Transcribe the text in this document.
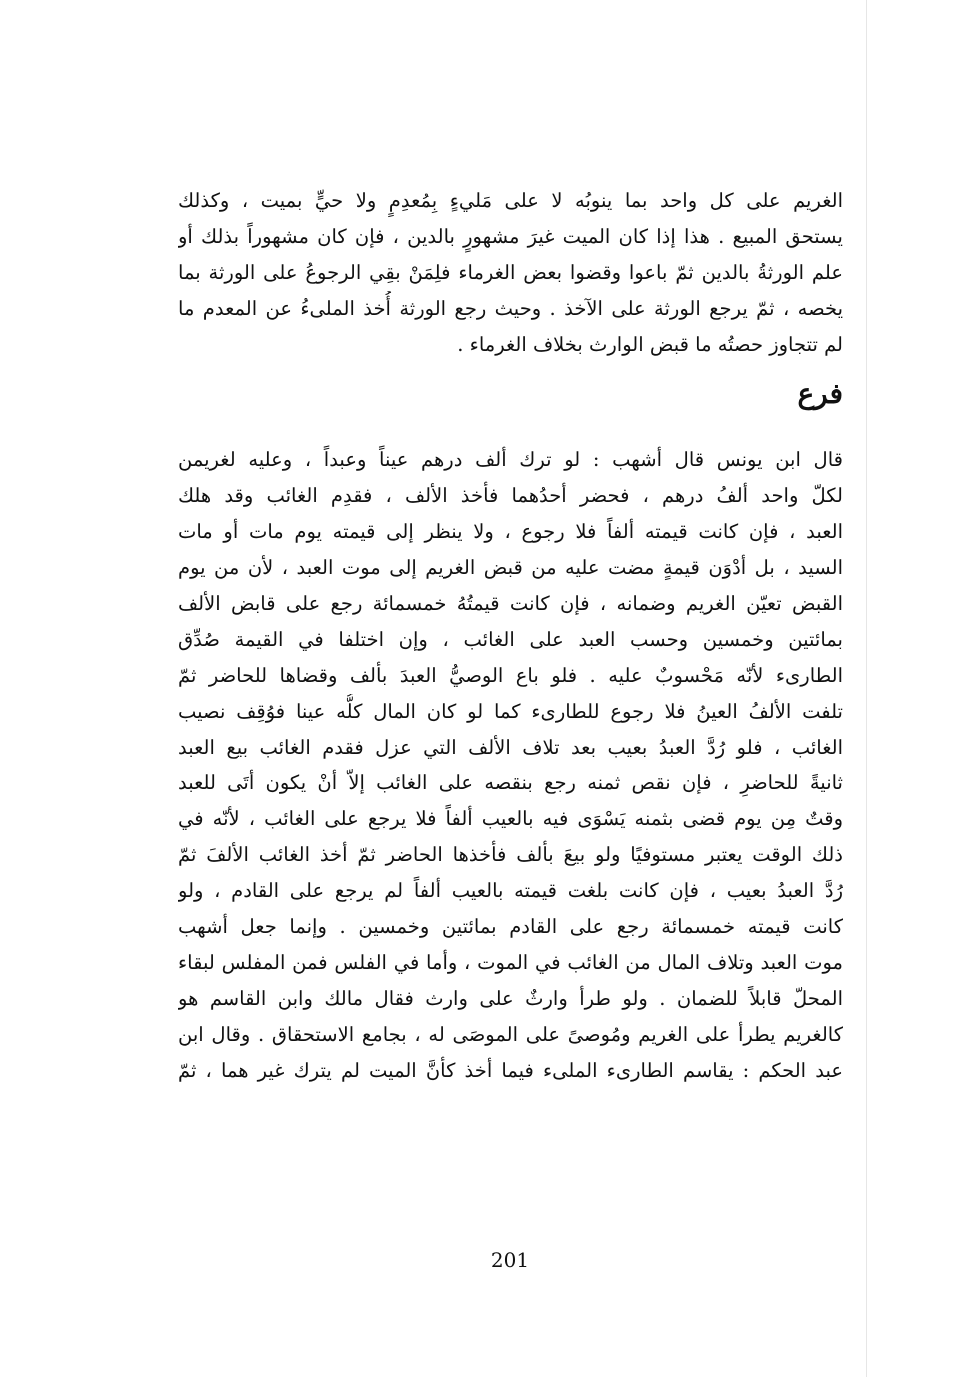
الغريم على كل واحد بما ينوبُه لا على مَليءٍ بِمُعدِمٍ ولا حيٍّ بميت ، وكذلك
يستحق المبيع . هذا إذا كان الميت غيرَ مشهورٍ بالدين ، فإن كان مشهوراً بذلك أو
علم الورثةُ بالدين ثمّ باعوا وقضوا بعض الغرماء فلِمَنْ بقِي الرجوعُ على الورثة بما
يخصه ، ثمّ يرجع الورثة على الآخذ . وحيث رجع الورثة أُخذ الملىءُ عن المعدم ما
لم تتجاوز حصتُه ما قبض الوارث بخلاف الغرماء .
فرع
قال ابن يونس قال أشهب : لو ترك ألف درهم عيناً وعبداً ، وعليه لغريمن
لكلّ واحد ألفُ درهم ، فحضر أحدُهما فأخذ الألف ، فقدِم الغائب وقد هلك
العبد ، فإن كانت قيمته ألفاً فلا رجوع ، ولا ينظر إلى قيمته يوم مات أو مات
السيد ، بل أدْوَن قيمةٍ مضت عليه من قبض الغريم إلى موت العبد ، لأن من يوم
القبض تعيّن الغريم وضمانه ، فإن كانت قيمتُهُ خمسمائة رجع على قابض الألف
بمائتين وخمسين وحسب العبد على الغائب ، وإن اختلفا في القيمة صُدِّق
الطارىء لأنّه مَحْسوبٌ عليه . فلو باع الوصيُّ العبدَ بألف وقضاها للحاضر ثمّ
تلفت الألفُ العينُ فلا رجوع للطارىء كما لو كان المال كلُّه عينا فوُقِف نصيب
الغائب ، فلو رُدَّ العبدُ بعيب بعد تلاف الألف التي عزل فقدم الغائب بيع العبد
ثانيةً للحاضرِ ، فإن نقص ثمنه رجع بنقصه على الغائب إلاّ أنْ يكون أتَى للعبد
وقتٌ مِن يوم قضى بثمنه يَسْوَى فيه بالعيب ألفاً فلا يرجع على الغائب ، لأنّه في
ذلك الوقت يعتبر مستوفيًا ولو بيعَ بألف فأخذها الحاضر ثمّ أخذ الغائب الألفَ ثمّ
رُدَّ العبدُ بعيب ، فإن كانت بلغت قيمته بالعيب ألفاً لم يرجع على القادم ، ولو
كانت قيمته خمسمائة رجع على القادم بمائتين وخمسين . وإنما جعل أشهب
موت العبد وتلاف المال من الغائب في الموت ، وأما في الفلس فمن المفلس لبقاء
المحلّ قابلاً للضمان . ولو طرأ وارثٌ على وارث فقال مالك وابن القاسم هو
كالغريم يطرأ على الغريم ومُوصىً على الموصَى له ، بجامع الاستحقاق . وقال ابن
عبد الحكم : يقاسم الطارىء الملىء فيما أخذ كأنَّ الميت لم يترك غير هما ، ثمّ
201
